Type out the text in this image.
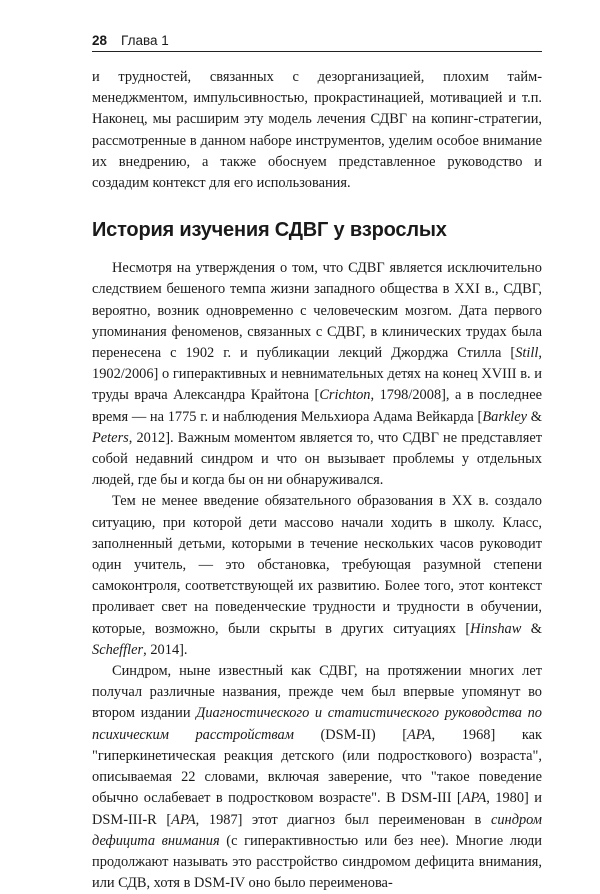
28 Глава 1

и трудностей, связанных с дезорганизацией, плохим тайм-менеджментом, импульсивностью, прокрастинацией, мотивацией и т.п. Наконец, мы расширим эту модель лечения СДВГ на копинг-стратегии, рассмотренные в данном наборе инструментов, уделим особое внимание их внедрению, а также обоснуем представленное руководство и создадим контекст для его использования.

История изучения СДВГ у взрослых

Несмотря на утверждения о том, что СДВГ является исключительно следствием бешеного темпа жизни западного общества в XXI в., СДВГ, вероятно, возник одновременно с человеческим мозгом. Дата первого упоминания феноменов, связанных с СДВГ, в клинических трудах была перенесена с 1902 г. и публикации лекций Джорджа Стилла [Still, 1902/2006] о гиперактивных и невнимательных детях на конец XVIII в. и труды врача Александра Крайтона [Crichton, 1798/2008], а в последнее время — на 1775 г. и наблюдения Мельхиора Адама Вейкарда [Barkley & Peters, 2012]. Важным моментом является то, что СДВГ не представляет собой недавний синдром и что он вызывает проблемы у отдельных людей, где бы и когда бы он ни обнаруживался.

Тем не менее введение обязательного образования в XX в. создало ситуацию, при которой дети массово начали ходить в школу. Класс, заполненный детьми, которыми в течение нескольких часов руководит один учитель, — это обстановка, требующая разумной степени самоконтроля, соответствующей их развитию. Более того, этот контекст проливает свет на поведенческие трудности и трудности в обучении, которые, возможно, были скрыты в других ситуациях [Hinshaw & Scheffler, 2014].

Синдром, ныне известный как СДВГ, на протяжении многих лет получал различные названия, прежде чем был впервые упомянут во втором издании Диагностического и статистического руководства по психическим расстройствам (DSM-II) [APA, 1968] как "гиперкинетическая реакция детского (или подросткового) возраста", описываемая 22 словами, включая заверение, что "такое поведение обычно ослабевает в подростковом возрасте". В DSM-III [APA, 1980] и DSM-III-R [APA, 1987] этот диагноз был переименован в синдром дефицита внимания (с гиперактивностью или без нее). Многие люди продолжают называть это расстройство синдромом дефицита внимания, или СДВ, хотя в DSM-IV оно было переименова-
